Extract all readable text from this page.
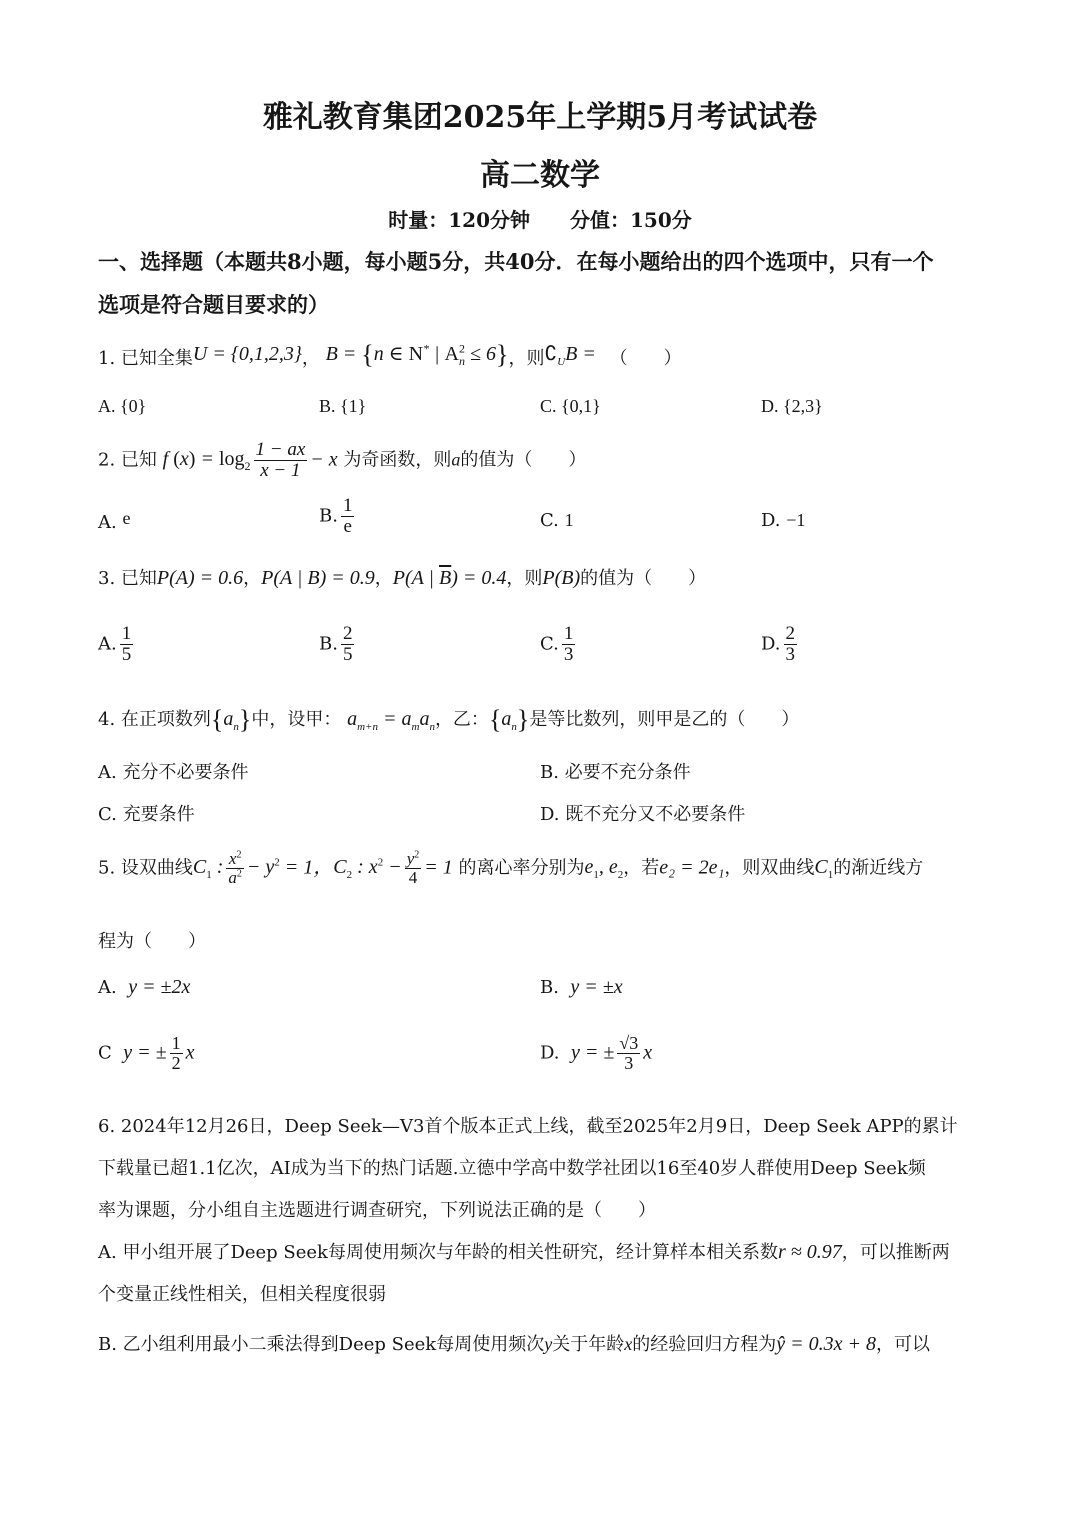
雅礼教育集团2025年上学期5月考试试卷
高二数学
时量：120分钟 分值：150分
一、选择题（本题共8小题，每小题5分，共40分．在每小题给出的四个选项中，只有一个
选项是符合题目要求的）
1. 已知全集U = {0,1,2,3}， B = {n ∈ N* | $A^2_n \le 6$}，则$∁_UB$ = （　　）
A. {0}	B. {1}	C. {0,1}	D. {2,3}
2. 已知 f $(x) = \log_2 \frac{1 - ax}{x - 1} - x$ 为奇函数，则a的值为（　　）
A. e	B. $\frac{1}{e}$	C. 1	D. −1
3. 已知P(A) = 0.6，P(A | B) = 0.9，P(A | $\overline{B}) = 0.4$，则P(B)的值为（　　）
A. $\frac{1}{5}$	B. $\frac{2}{5}$	C. $\frac{1}{3}$	D. $\frac{2}{3}$
4. 在正项数列$\{a_n\}$中，设甲： $a_{m+n} = a_ma_n$，乙：$\{a_n\}$是等比数列，则甲是乙的（　　）
A. 充分不必要条件	B. 必要不充分条件
C. 充要条件	D. 既不充分又不必要条件
5. 设双曲线$C_1$ : $\frac{x^2}{a^2} - y^2 = 1$，$C_2$ : $x^2 - \frac{y^2}{4} = 1$ 的离心率分别为$e_1$, $e_2$，若e₂ = 2e₁，则双曲线$C_1$的渐近线方
程为（　　）
A. y = ±2x	B. y = ±x
C y = ± $\frac{1}{2}$ x	D. y = ± $\frac{√3}{3}$ x
6. 2024年12月26日，Deep Seek—V3首个版本正式上线，截至2025年2月9日，Deep Seek APP的累计
下载量已超1.1亿次，AI成为当下的热门话题.立德中学高中数学社团以16至40岁人群使用Deep Seek频
率为课题，分小组自主选题进行调查研究，下列说法正确的是（　　）
A. 甲小组开展了Deep Seek每周使用频次与年龄的相关性研究，经计算样本相关系数r ≈ 0.97，可以推断两
个变量正线性相关，但相关程度很弱
B. 乙小组利用最小二乘法得到Deep Seek每周使用频次y关于年龄x的经验回归方程为ŷ = 0.3x + 8，可以
